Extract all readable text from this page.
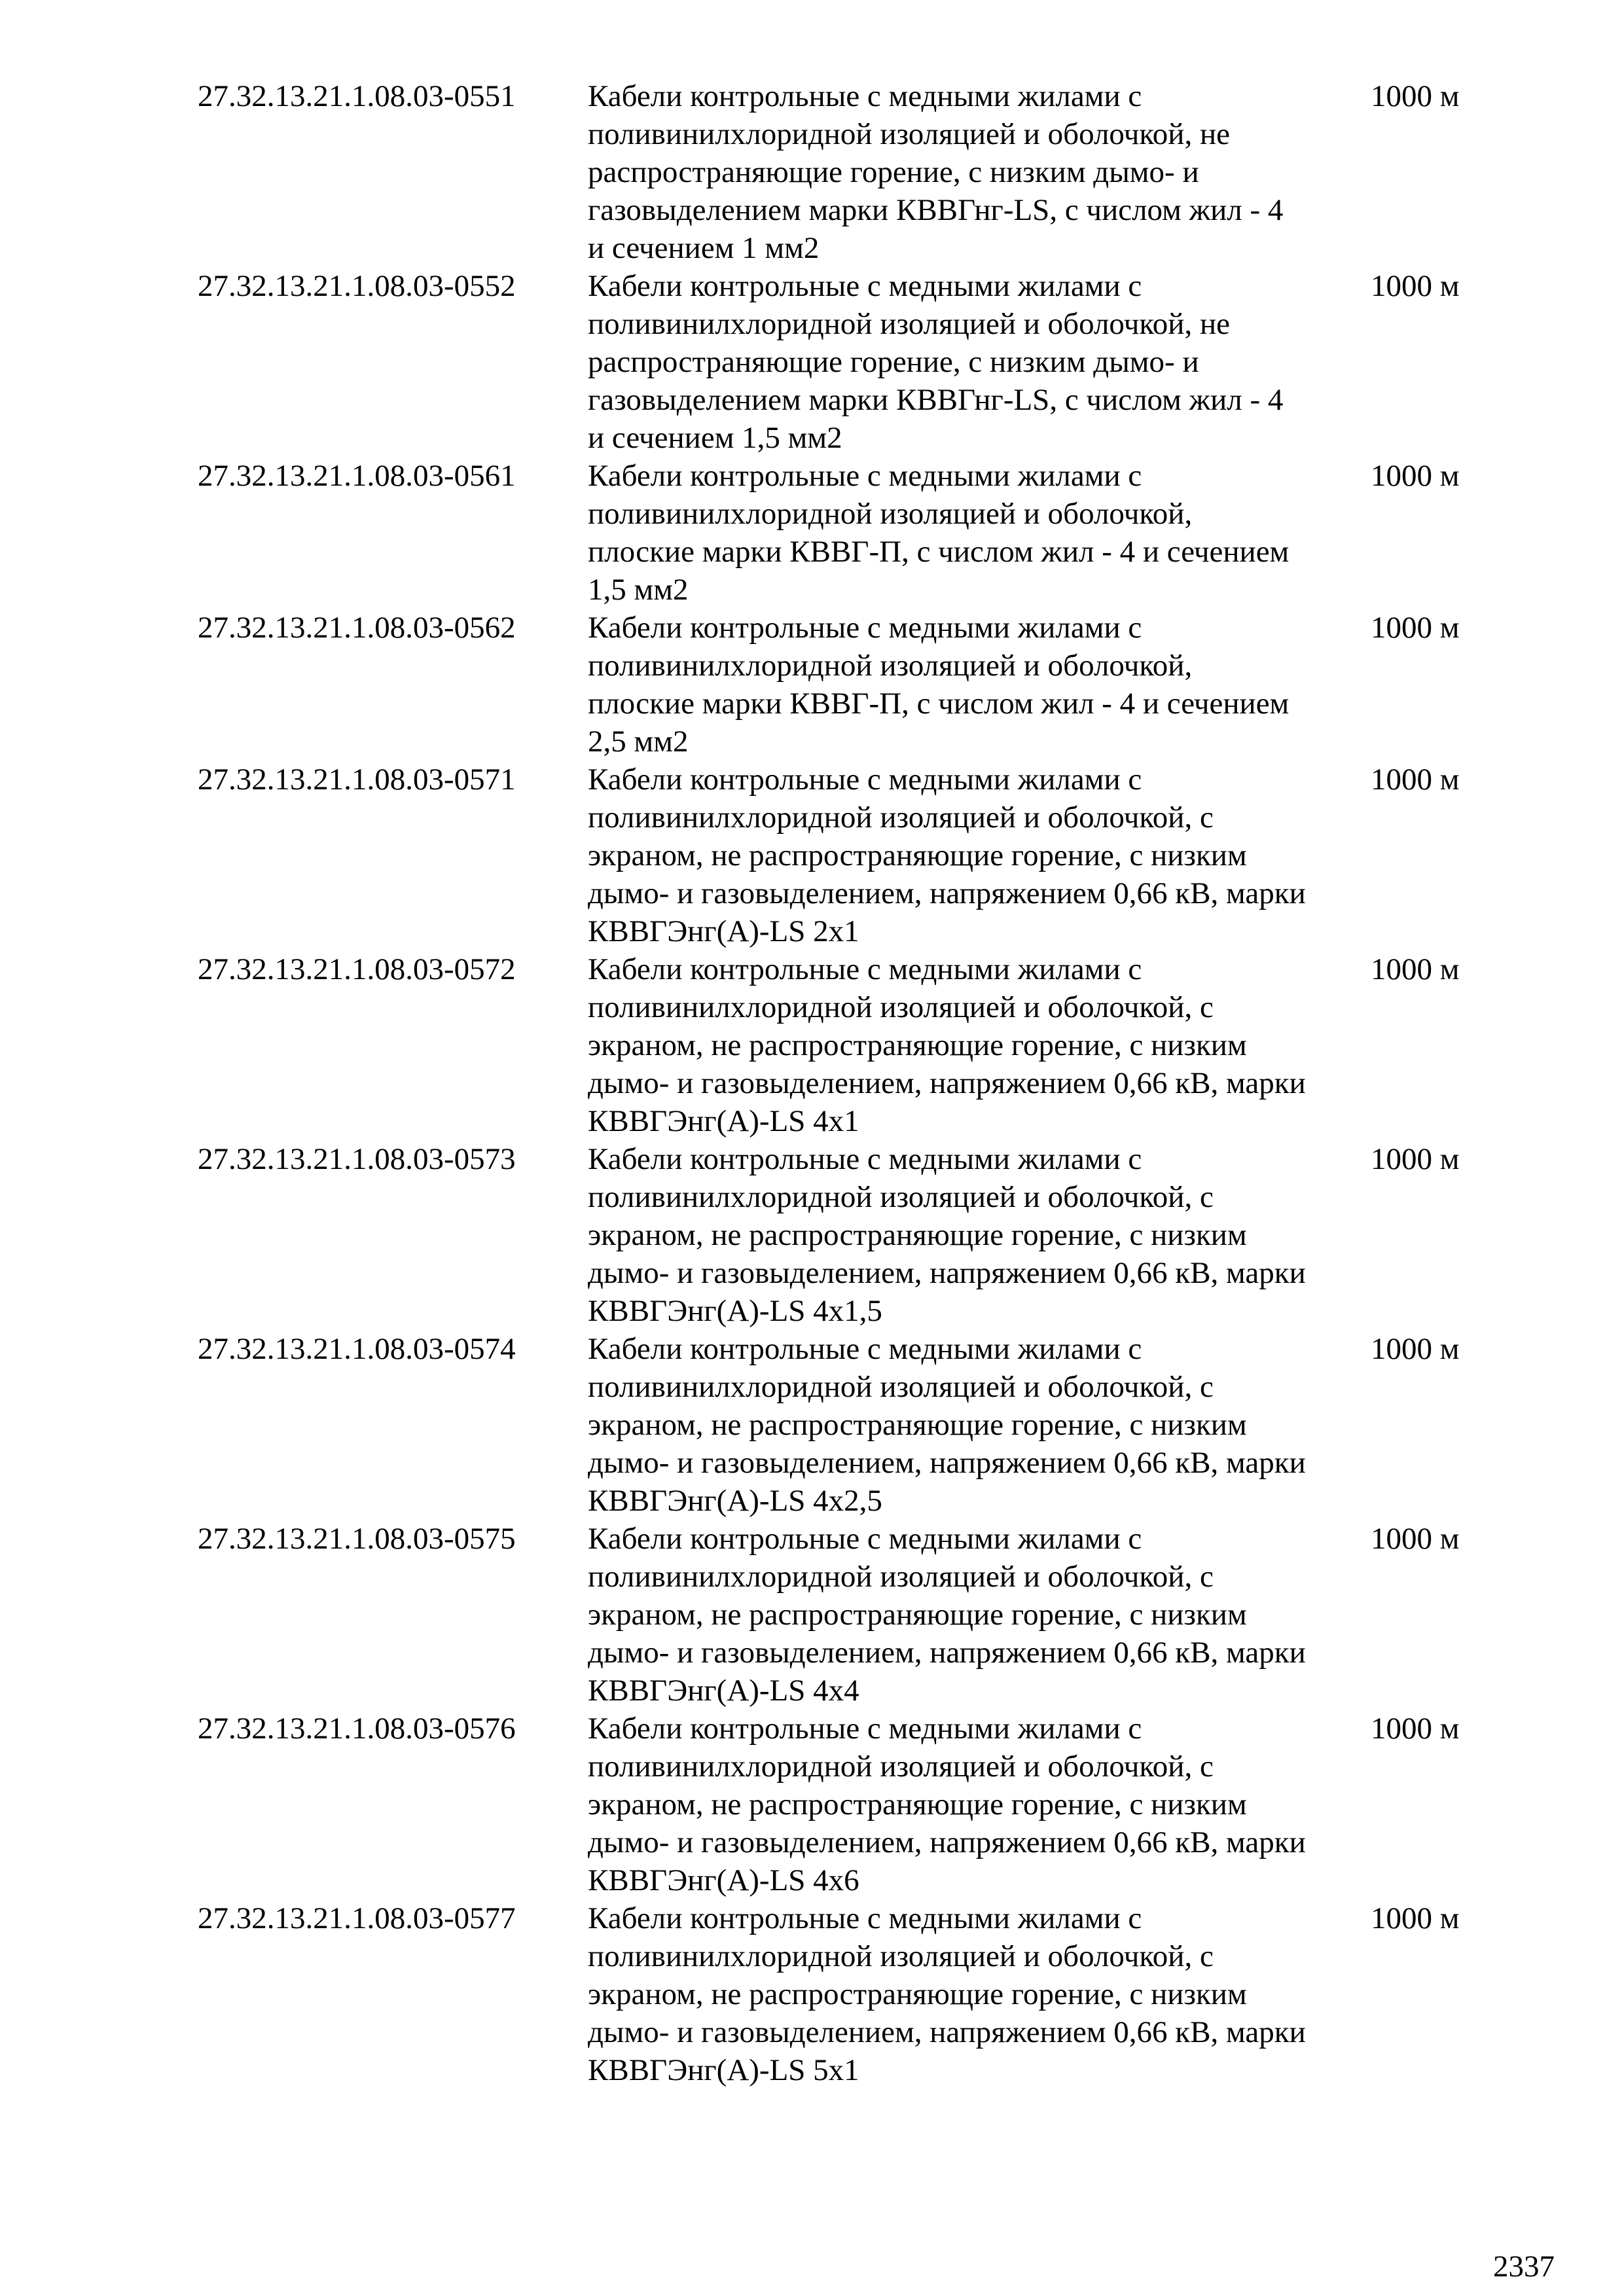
27.32.13.21.1.08.03-0551 Кабели контрольные с медными жилами с
поливинилхлоридной изоляцией и оболочкой, не
распространяющие горение, с низким дымо- и
газовыделением марки КВВГнг-LS, с числом жил - 4
и сечением 1 мм2
1000 м
27.32.13.21.1.08.03-0552 Кабели контрольные с медными жилами с
поливинилхлоридной изоляцией и оболочкой, не
распространяющие горение, с низким дымо- и
газовыделением марки КВВГнг-LS, с числом жил - 4
и сечением 1,5 мм2
1000 м
27.32.13.21.1.08.03-0561 Кабели контрольные с медными жилами с
поливинилхлоридной изоляцией и оболочкой,
плоские марки КВВГ-П, с числом жил - 4 и сечением
1,5 мм2
1000 м
27.32.13.21.1.08.03-0562 Кабели контрольные с медными жилами с
поливинилхлоридной изоляцией и оболочкой,
плоские марки КВВГ-П, с числом жил - 4 и сечением
2,5 мм2
1000 м
27.32.13.21.1.08.03-0571 Кабели контрольные с медными жилами с
поливинилхлоридной изоляцией и оболочкой, с
экраном, не распространяющие горение, с низким
дымо- и газовыделением, напряжением 0,66 кВ, марки
КВВГЭнг(А)-LS 2х1
1000 м
27.32.13.21.1.08.03-0572 Кабели контрольные с медными жилами с
поливинилхлоридной изоляцией и оболочкой, с
экраном, не распространяющие горение, с низким
дымо- и газовыделением, напряжением 0,66 кВ, марки
КВВГЭнг(А)-LS 4х1
1000 м
27.32.13.21.1.08.03-0573 Кабели контрольные с медными жилами с
поливинилхлоридной изоляцией и оболочкой, с
экраном, не распространяющие горение, с низким
дымо- и газовыделением, напряжением 0,66 кВ, марки
КВВГЭнг(А)-LS 4х1,5
1000 м
27.32.13.21.1.08.03-0574 Кабели контрольные с медными жилами с
поливинилхлоридной изоляцией и оболочкой, с
экраном, не распространяющие горение, с низким
дымо- и газовыделением, напряжением 0,66 кВ, марки
КВВГЭнг(А)-LS 4х2,5
1000 м
27.32.13.21.1.08.03-0575 Кабели контрольные с медными жилами с
поливинилхлоридной изоляцией и оболочкой, с
экраном, не распространяющие горение, с низким
дымо- и газовыделением, напряжением 0,66 кВ, марки
КВВГЭнг(А)-LS 4х4
1000 м
27.32.13.21.1.08.03-0576 Кабели контрольные с медными жилами с
поливинилхлоридной изоляцией и оболочкой, с
экраном, не распространяющие горение, с низким
дымо- и газовыделением, напряжением 0,66 кВ, марки
КВВГЭнг(А)-LS 4х6
1000 м
27.32.13.21.1.08.03-0577 Кабели контрольные с медными жилами с
поливинилхлоридной изоляцией и оболочкой, с
экраном, не распространяющие горение, с низким
дымо- и газовыделением, напряжением 0,66 кВ, марки
КВВГЭнг(А)-LS 5х1
1000 м
2337
